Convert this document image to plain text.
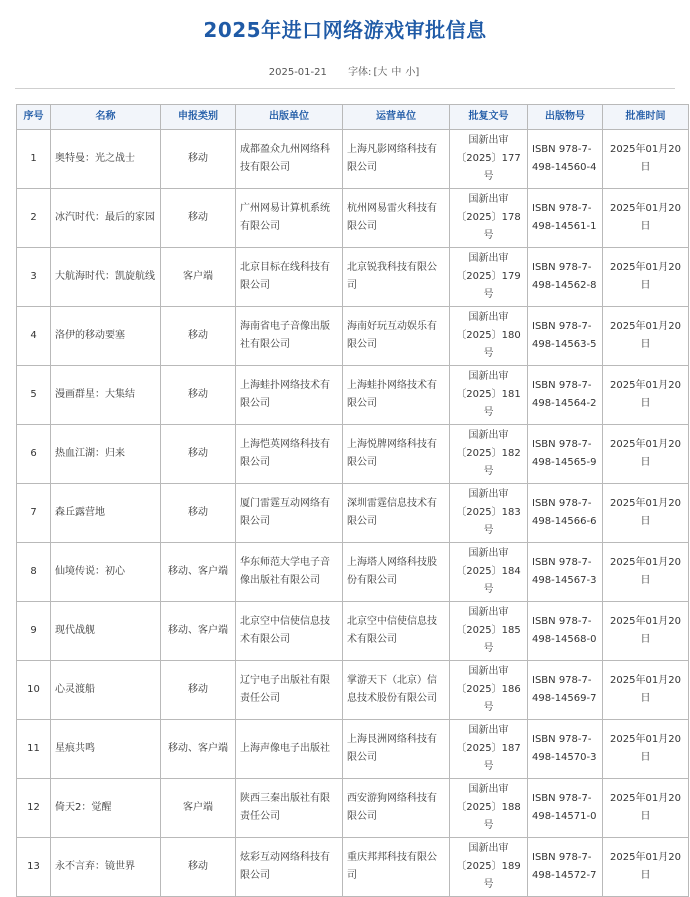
2025年进口网络游戏审批信息
2025-01-21 字体: [大 中 小]
序号	名称	申报类别	出版单位	运营单位	批复文号	出版物号	批准时间
1	奥特曼：光之战士	移动	成都盈众九州网络科技有限公司	上海凡影网络科技有限公司	国新出审〔2025〕177号	ISBN 978-7-498-14560-4	2025年01月20日
2	冰汽时代：最后的家园	移动	广州网易计算机系统有限公司	杭州网易雷火科技有限公司	国新出审〔2025〕178号	ISBN 978-7-498-14561-1	2025年01月20日
3	大航海时代：凯旋航线	客户端	北京目标在线科技有限公司	北京锐我科技有限公司	国新出审〔2025〕179号	ISBN 978-7-498-14562-8	2025年01月20日
4	洛伊的移动要塞	移动	海南省电子音像出版社有限公司	海南好玩互动娱乐有限公司	国新出审〔2025〕180号	ISBN 978-7-498-14563-5	2025年01月20日
5	漫画群星：大集结	移动	上海蛙扑网络技术有限公司	上海蛙扑网络技术有限公司	国新出审〔2025〕181号	ISBN 978-7-498-14564-2	2025年01月20日
6	热血江湖：归来	移动	上海恺英网络科技有限公司	上海悦牌网络科技有限公司	国新出审〔2025〕182号	ISBN 978-7-498-14565-9	2025年01月20日
7	森丘露营地	移动	厦门雷霆互动网络有限公司	深圳雷霆信息技术有限公司	国新出审〔2025〕183号	ISBN 978-7-498-14566-6	2025年01月20日
8	仙境传说：初心	移动、客户端	华东师范大学电子音像出版社有限公司	上海塔人网络科技股份有限公司	国新出审〔2025〕184号	ISBN 978-7-498-14567-3	2025年01月20日
9	现代战舰	移动、客户端	北京空中信使信息技术有限公司	北京空中信使信息技术有限公司	国新出审〔2025〕185号	ISBN 978-7-498-14568-0	2025年01月20日
10	心灵渡船	移动	辽宁电子出版社有限责任公司	掌游天下（北京）信息技术股份有限公司	国新出审〔2025〕186号	ISBN 978-7-498-14569-7	2025年01月20日
11	星痕共鸣	移动、客户端	上海声像电子出版社	上海艮洲网络科技有限公司	国新出审〔2025〕187号	ISBN 978-7-498-14570-3	2025年01月20日
12	倚天2：觉醒	客户端	陕西三秦出版社有限责任公司	西安游狗网络科技有限公司	国新出审〔2025〕188号	ISBN 978-7-498-14571-0	2025年01月20日
13	永不言弃：镜世界	移动	炫彩互动网络科技有限公司	重庆邦邦科技有限公司	国新出审〔2025〕189号	ISBN 978-7-498-14572-7	2025年01月20日
